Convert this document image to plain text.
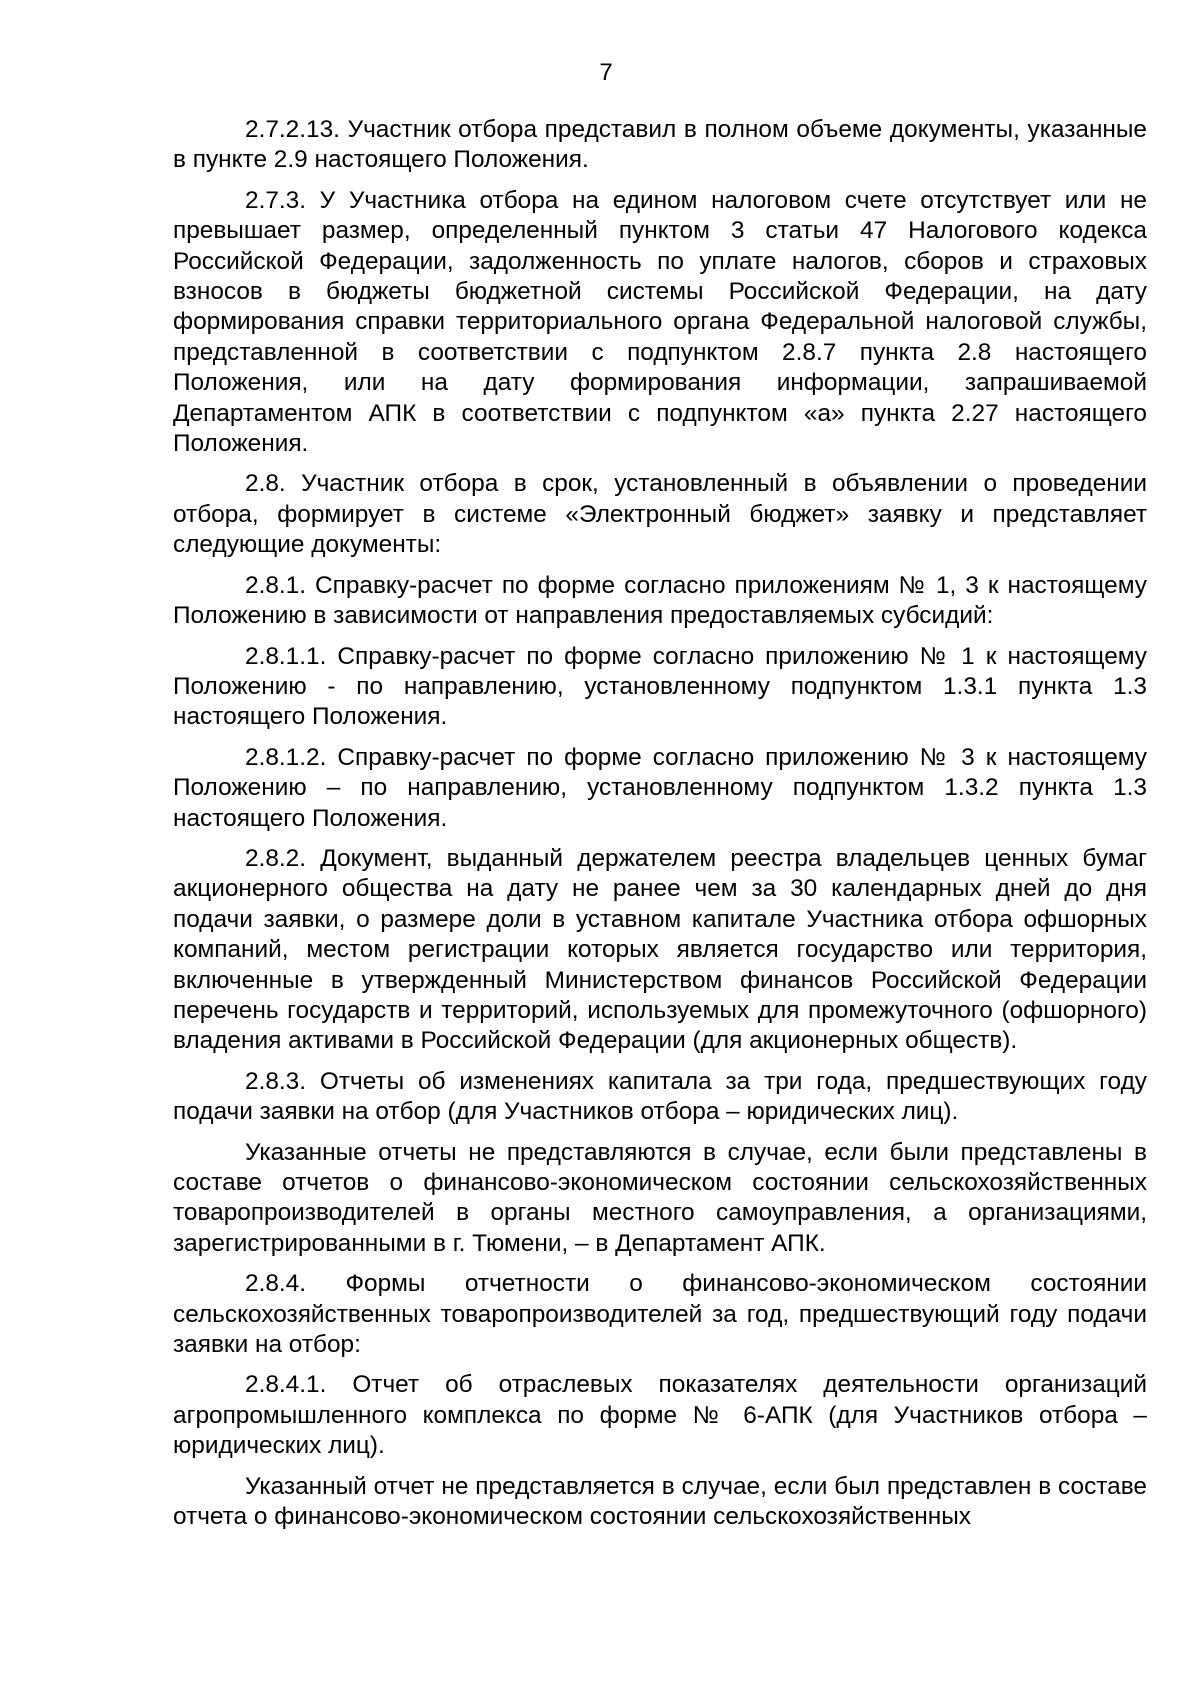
7

2.7.2.13. Участник отбора представил в полном объеме документы, указанные в пункте 2.9 настоящего Положения.

2.7.3. У Участника отбора на едином налоговом счете отсутствует или не превышает размер, определенный пунктом 3 статьи 47 Налогового кодекса Российской Федерации, задолженность по уплате налогов, сборов и страховых взносов в бюджеты бюджетной системы Российской Федерации, на дату формирования справки территориального органа Федеральной налоговой службы, представленной в соответствии с подпунктом 2.8.7 пункта 2.8 настоящего Положения, или на дату формирования информации, запрашиваемой Департаментом АПК в соответствии с подпунктом «а» пункта 2.27 настоящего Положения.

2.8. Участник отбора в срок, установленный в объявлении о проведении отбора, формирует в системе «Электронный бюджет» заявку и представляет следующие документы:

2.8.1. Справку-расчет по форме согласно приложениям № 1, 3 к настоящему Положению в зависимости от направления предоставляемых субсидий:

2.8.1.1. Справку-расчет по форме согласно приложению № 1 к настоящему Положению - по направлению, установленному подпунктом 1.3.1 пункта 1.3 настоящего Положения.

2.8.1.2. Справку-расчет по форме согласно приложению № 3 к настоящему Положению – по направлению, установленному подпунктом 1.3.2 пункта 1.3 настоящего Положения.

2.8.2. Документ, выданный держателем реестра владельцев ценных бумаг акционерного общества на дату не ранее чем за 30 календарных дней до дня подачи заявки, о размере доли в уставном капитале Участника отбора офшорных компаний, местом регистрации которых является государство или территория, включенные в утвержденный Министерством финансов Российской Федерации перечень государств и территорий, используемых для промежуточного (офшорного) владения активами в Российской Федерации (для акционерных обществ).

2.8.3. Отчеты об изменениях капитала за три года, предшествующих году подачи заявки на отбор (для Участников отбора – юридических лиц).

Указанные отчеты не представляются в случае, если были представлены в составе отчетов о финансово-экономическом состоянии сельскохозяйственных товаропроизводителей в органы местного самоуправления, а организациями, зарегистрированными в г. Тюмени, – в Департамент АПК.

2.8.4. Формы отчетности о финансово-экономическом состоянии сельскохозяйственных товаропроизводителей за год, предшествующий году подачи заявки на отбор:

2.8.4.1. Отчет об отраслевых показателях деятельности организаций агропромышленного комплекса по форме № 6-АПК (для Участников отбора – юридических лиц).

Указанный отчет не представляется в случае, если был представлен в составе отчета о финансово-экономическом состоянии сельскохозяйственных
